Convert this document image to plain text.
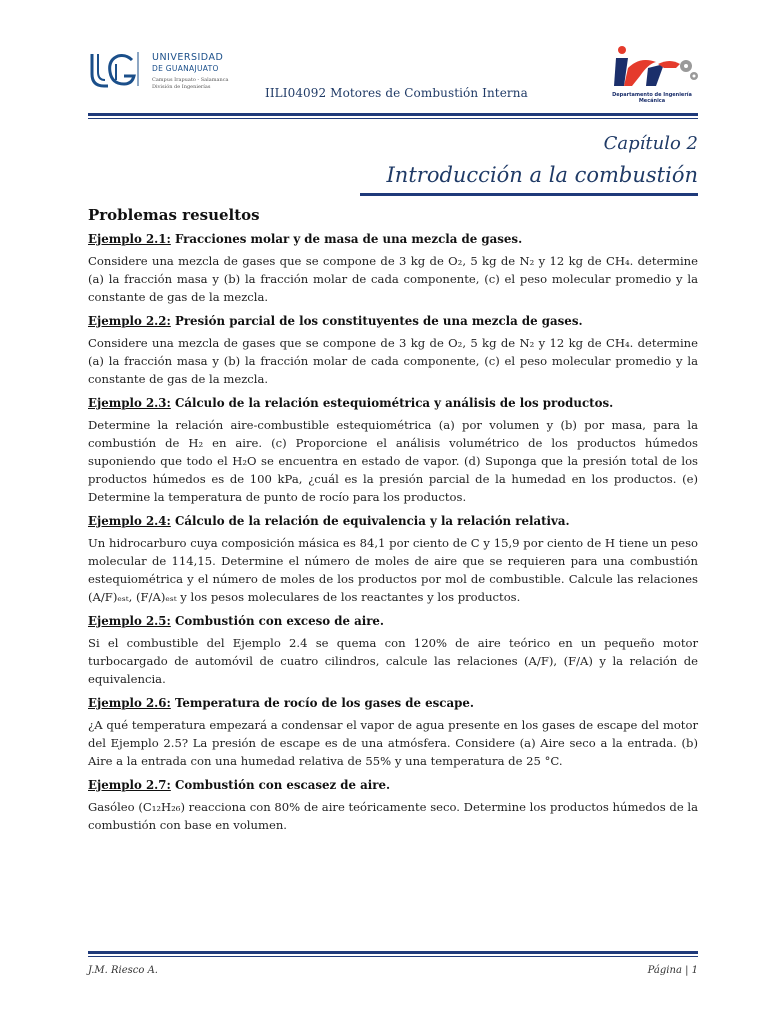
UNIVERSIDAD
DE GUANAJUATO
Campus Irapuato - Salamanca
División de Ingenierías	IILI04092 Motores de Combustión Interna	Departamento de Ingeniería Mecánica
Capítulo 2
Introducción a la combustión
Problemas resueltos

Ejemplo 2.1: Fracciones molar y de masa de una mezcla de gases.

Considere una mezcla de gases que se compone de 3 kg de O₂, 5 kg de N₂ y 12 kg de CH₄. determine (a) la fracción masa y (b) la fracción molar de cada componente, (c) el peso molecular promedio y la constante de gas de la mezcla.

Ejemplo 2.2: Presión parcial de los constituyentes de una mezcla de gases.

Considere una mezcla de gases que se compone de 3 kg de O₂, 5 kg de N₂ y 12 kg de CH₄. determine (a) la fracción masa y (b) la fracción molar de cada componente, (c) el peso molecular promedio y la constante de gas de la mezcla.

Ejemplo 2.3: Cálculo de la relación estequiométrica y análisis de los productos.

Determine la relación aire-combustible estequiométrica (a) por volumen y (b) por masa, para la combustión de H₂ en aire. (c) Proporcione el análisis volumétrico de los productos húmedos suponiendo que todo el H₂O se encuentra en estado de vapor. (d) Suponga que la presión total de los productos húmedos es de 100 kPa, ¿cuál es la presión parcial de la humedad en los productos. (e) Determine la temperatura de punto de rocío para los productos.

Ejemplo 2.4: Cálculo de la relación de equivalencia y la relación relativa.

Un hidrocarburo cuya composición másica es 84,1 por ciento de C y 15,9 por ciento de H tiene un peso molecular de 114,15. Determine el número de moles de aire que se requieren para una combustión estequiométrica y el número de moles de los productos por mol de combustible. Calcule las relaciones (A/F)ₑₛₜ, (F/A)ₑₛₜ y los pesos moleculares de los reactantes y los productos.

Ejemplo 2.5: Combustión con exceso de aire.

Si el combustible del Ejemplo 2.4 se quema con 120% de aire teórico en un pequeño motor turbocargado de automóvil de cuatro cilindros, calcule las relaciones (A/F), (F/A) y la relación de equivalencia.

Ejemplo 2.6: Temperatura de rocío de los gases de escape.

¿A qué temperatura empezará a condensar el vapor de agua presente en los gases de escape del motor del Ejemplo 2.5? La presión de escape es de una atmósfera. Considere (a) Aire seco a la entrada. (b) Aire a la entrada con una humedad relativa de 55% y una temperatura de 25 °C.

Ejemplo 2.7: Combustión con escasez de aire.

Gasóleo (C₁₂H₂₆) reacciona con 80% de aire teóricamente seco. Determine los productos húmedos de la combustión con base en volumen.

J.M. Riesco A.	Página | 1
